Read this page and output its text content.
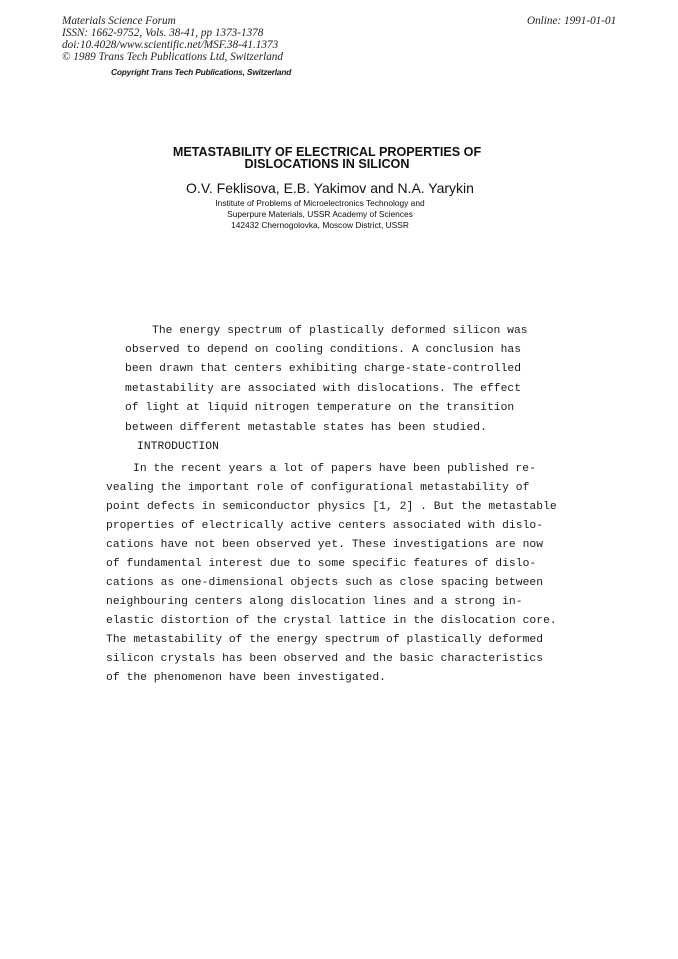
Materials Science Forum
ISSN: 1662-9752, Vols. 38-41, pp 1373-1378
doi:10.4028/www.scientific.net/MSF.38-41.1373
© 1989 Trans Tech Publications Ltd, Switzerland
Copyright Trans Tech Publications, Switzerland
Online: 1991-01-01
METASTABILITY OF ELECTRICAL PROPERTIES OF
DISLOCATIONS IN SILICON
O.V. Feklisova, E.B. Yakimov and N.A. Yarykin
Institute of Problems of Microelectronics Technology and
Superpure Materials, USSR Academy of Sciences
142432 Chernogolovka, Moscow District, USSR
The energy spectrum of plastically deformed silicon was
observed to depend on cooling conditions. A conclusion has
been drawn that centers exhibiting charge-state-controlled
metastability are associated with dislocations. The effect
of light at liquid nitrogen temperature on the transition
between different metastable states has been studied.
INTRODUCTION
In the recent years a lot of papers have been published re-
vealing the important role of configurational metastability of
point defects in semiconductor physics [1, 2] . But the metastable
properties of electrically active centers associated with dislo-
cations have not been observed yet. These investigations are now
of fundamental interest due to some specific features of dislo-
cations as one-dimensional objects such as close spacing between
neighbouring centers along dislocation lines and a strong in-
elastic distortion of the crystal lattice in the dislocation core.
The metastability of the energy spectrum of plastically deformed
silicon crystals has been observed and the basic characteristics
of the phenomenon have been investigated.
